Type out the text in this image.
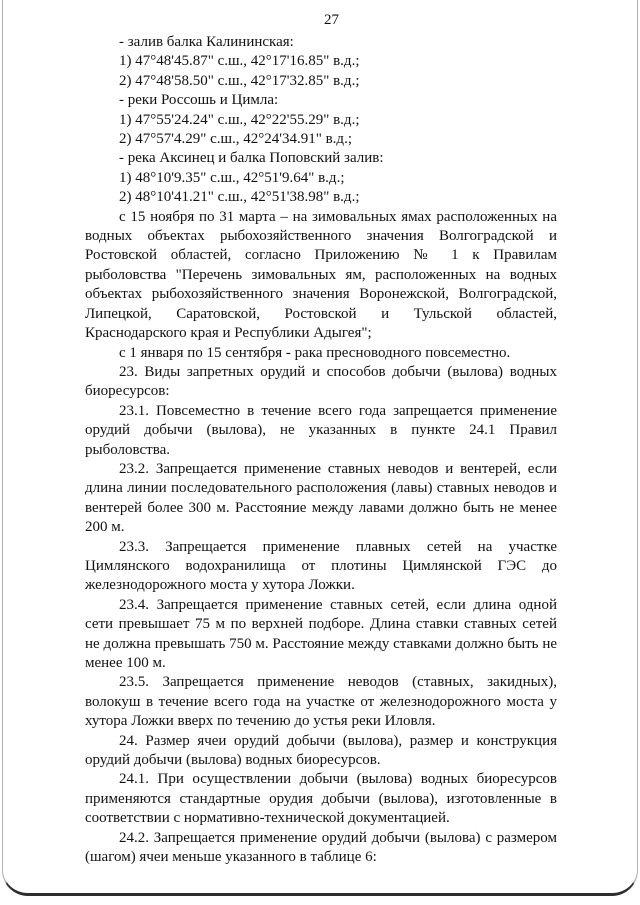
27

- залив балка Калининская:

1) 47°48'45.87" с.ш., 42°17'16.85" в.д.;

2) 47°48'58.50" с.ш., 42°17'32.85" в.д.;

- реки Россошь и Цимла:

1) 47°55'24.24" с.ш., 42°22'55.29" в.д.;

2) 47°57'4.29" с.ш., 42°24'34.91" в.д.;

- река Аксинец и балка Поповский залив:

1) 48°10'9.35" с.ш., 42°51'9.64" в.д.;

2) 48°10'41.21" с.ш., 42°51'38.98" в.д.;

с 15 ноября по 31 марта – на зимовальных ямах расположенных на водных объектах рыбохозяйственного значения Волгоградской и Ростовской областей, согласно Приложению № 1 к Правилам рыболовства "Перечень зимовальных ям, расположенных на водных объектах рыбохозяйственного значения Воронежской, Волгоградской, Липецкой, Саратовской, Ростовской и Тульской областей, Краснодарского края и Республики Адыгея";

с 1 января по 15 сентября - рака пресноводного повсеместно.

23. Виды запретных орудий и способов добычи (вылова) водных биоресурсов:

23.1. Повсеместно в течение всего года запрещается применение орудий добычи (вылова), не указанных в пункте 24.1 Правил рыболовства.

23.2. Запрещается применение ставных неводов и вентерей, если длина линии последовательного расположения (лавы) ставных неводов и вентерей более 300 м. Расстояние между лавами должно быть не менее 200 м.

23.3. Запрещается применение плавных сетей на участке Цимлянского водохранилища от плотины Цимлянской ГЭС до железнодорожного моста у хутора Ложки.

23.4. Запрещается применение ставных сетей, если длина одной сети превышает 75 м по верхней подборе. Длина ставки ставных сетей не должна превышать 750 м. Расстояние между ставками должно быть не менее 100 м.

23.5. Запрещается применение неводов (ставных, закидных), волокуш в течение всего года на участке от железнодорожного моста у хутора Ложки вверх по течению до устья реки Иловля.

24. Размер ячеи орудий добычи (вылова), размер и конструкция орудий добычи (вылова) водных биоресурсов.

24.1. При осуществлении добычи (вылова) водных биоресурсов применяются стандартные орудия добычи (вылова), изготовленные в соответствии с нормативно-технической документацией.

24.2. Запрещается применение орудий добычи (вылова) с размером (шагом) ячеи меньше указанного в таблице 6:
